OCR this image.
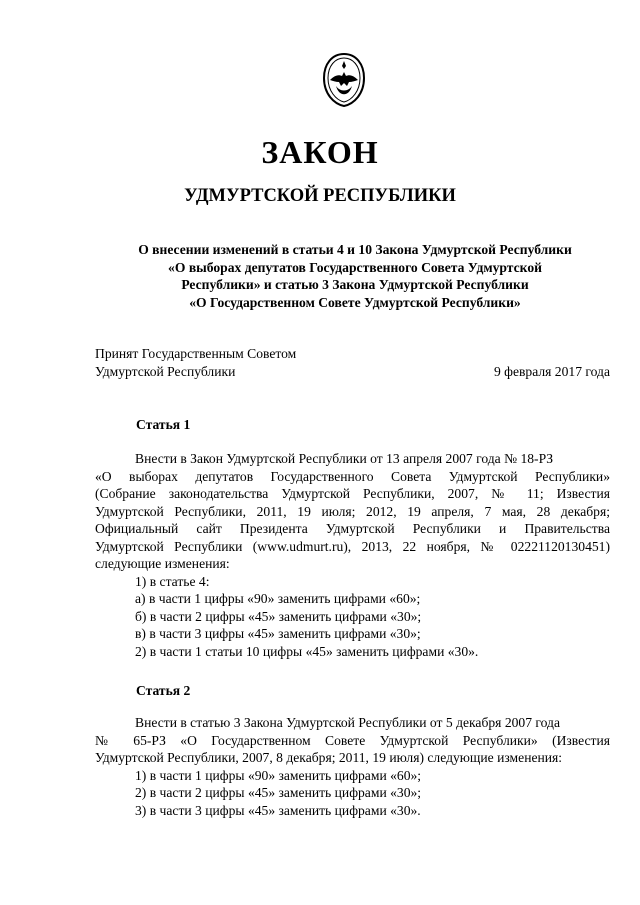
ЗАКОН
УДМУРТСКОЙ РЕСПУБЛИКИ
О внесении изменений в статьи 4 и 10 Закона Удмуртской Республики
«О выборах депутатов Государственного Совета Удмуртской
Республики» и статью 3 Закона Удмуртской Республики
«О Государственном Совете Удмуртской Республики»
Принят Государственным Советом
Удмуртской Республики	9 февраля 2017 года
Статья 1
Внести в Закон Удмуртской Республики от 13 апреля 2007 года № 18-РЗ
«О выборах депутатов Государственного Совета Удмуртской Республики»
(Собрание законодательства Удмуртской Республики, 2007, № 11; Известия
Удмуртской Республики, 2011, 19 июля; 2012, 19 апреля, 7 мая, 28 декабря;
Официальный сайт Президента Удмуртской Республики и Правительства
Удмуртской Республики (www.udmurt.ru), 2013, 22 ноября, № 02221120130451)
следующие изменения:
1) в статье 4:
а) в части 1 цифры «90» заменить цифрами «60»;
б) в части 2 цифры «45» заменить цифрами «30»;
в) в части 3 цифры «45» заменить цифрами «30»;
2) в части 1 статьи 10 цифры «45» заменить цифрами «30».
Статья 2
Внести в статью 3 Закона Удмуртской Республики от 5 декабря 2007 года
№ 65-РЗ «О Государственном Совете Удмуртской Республики» (Известия
Удмуртской Республики, 2007, 8 декабря; 2011, 19 июля) следующие изменения:
1) в части 1 цифры «90» заменить цифрами «60»;
2) в части 2 цифры «45» заменить цифрами «30»;
3) в части 3 цифры «45» заменить цифрами «30».
